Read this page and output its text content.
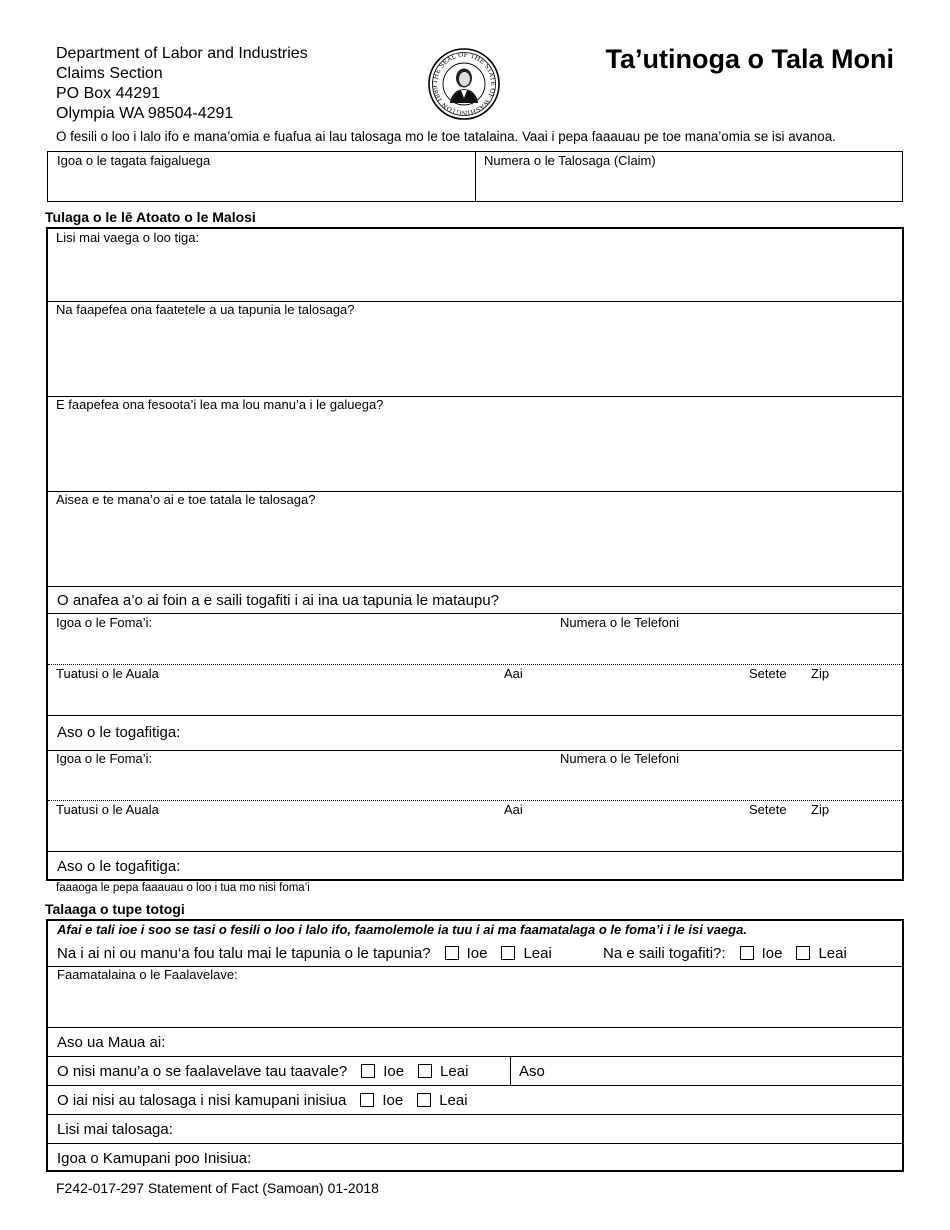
Department of Labor and Industries
Claims Section
PO Box 44291
Olympia WA 98504-4291
THE SEAL OF THE STATE OF WASHINGTON 1889
Ta’utinoga o Tala Moni
O fesili o loo i lalo ifo e mana’omia e fuafua ai lau talosaga mo le toe tatalaina. Vaai i pepa faaauau pe toe mana’omia se isi avanoa.
Igoa o le tagata faigaluega	Numera o le Talosaga (Claim)
Tulaga o le lē Atoato o le Malosi
Lisi mai vaega o loo tiga:
Na faapefea ona faatetele a ua tapunia le talosaga?
E faapefea ona fesoota’i lea ma lou manu’a i le galuega?
Aisea e te mana’o ai e toe tatala le talosaga?
O anafea a’o ai foin a e saili togafiti i ai ina ua tapunia le mataupu?
Igoa o le Foma’i:	Numera o le Telefoni
Tuatusi o le Auala	Aai	Setete Zip
Aso o le togafitiga:
Igoa o le Foma’i:	Numera o le Telefoni
Tuatusi o le Auala	Aai	Setete Zip
Aso o le togafitiga:
faaaoga le pepa faaauau o loo i tua mo nisi foma’i
Talaaga o tupe totogi
Afai e tali ioe i soo se tasi o fesili o loo i lalo ifo, faamolemole ia tuu i ai ma faamatalaga o le foma’i i le isi vaega.
Na i ai ni ou manu‘a fou talu mai le tapunia o le tapunia? Ioe Leai	Na e saili togafiti?: Ioe Leai
Faamatalaina o le Faalavelave:
Aso ua Maua ai:
O nisi manu’a o se faalavelave tau taavale? Ioe Leai	Aso
O iai nisi au talosaga i nisi kamupani inisiua Ioe Leai
Lisi mai talosaga:
Igoa o Kamupani poo Inisiua:
F242-017-297 Statement of Fact (Samoan) 01-2018
